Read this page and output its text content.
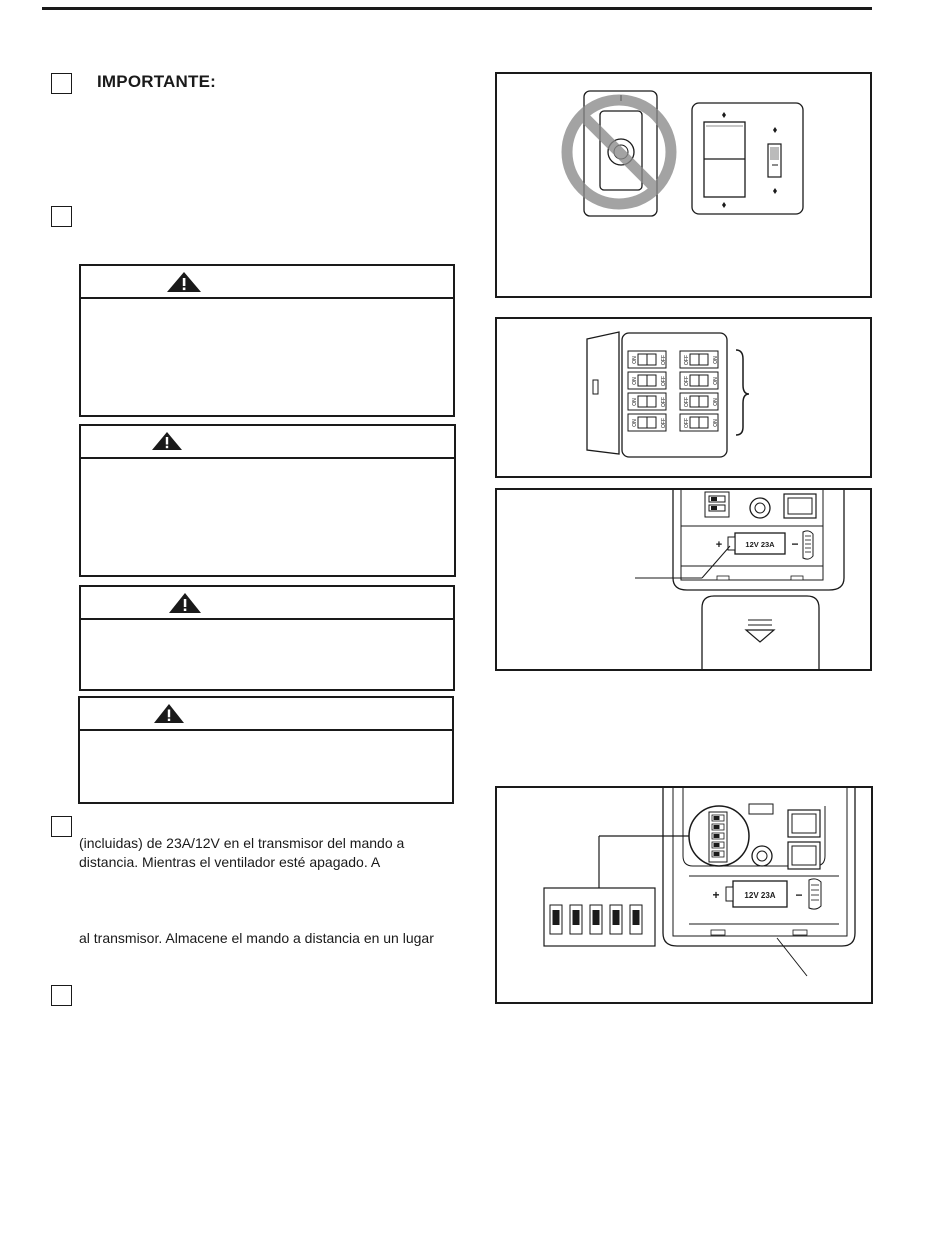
IMPORTANTE:
(incluidas) de 23A/12V en el transmisor del mando a
distancia. Mientras el ventilador esté apagado. A
al transmisor. Almacene el mando a distancia en un lugar
ON	OFF
ON	OFF
ON	OFF
ON	OFF
ON
OFF
ON
OFF
ON
OFF
ON
OFF
12V 23A
+	−
12V 23A
+	−
